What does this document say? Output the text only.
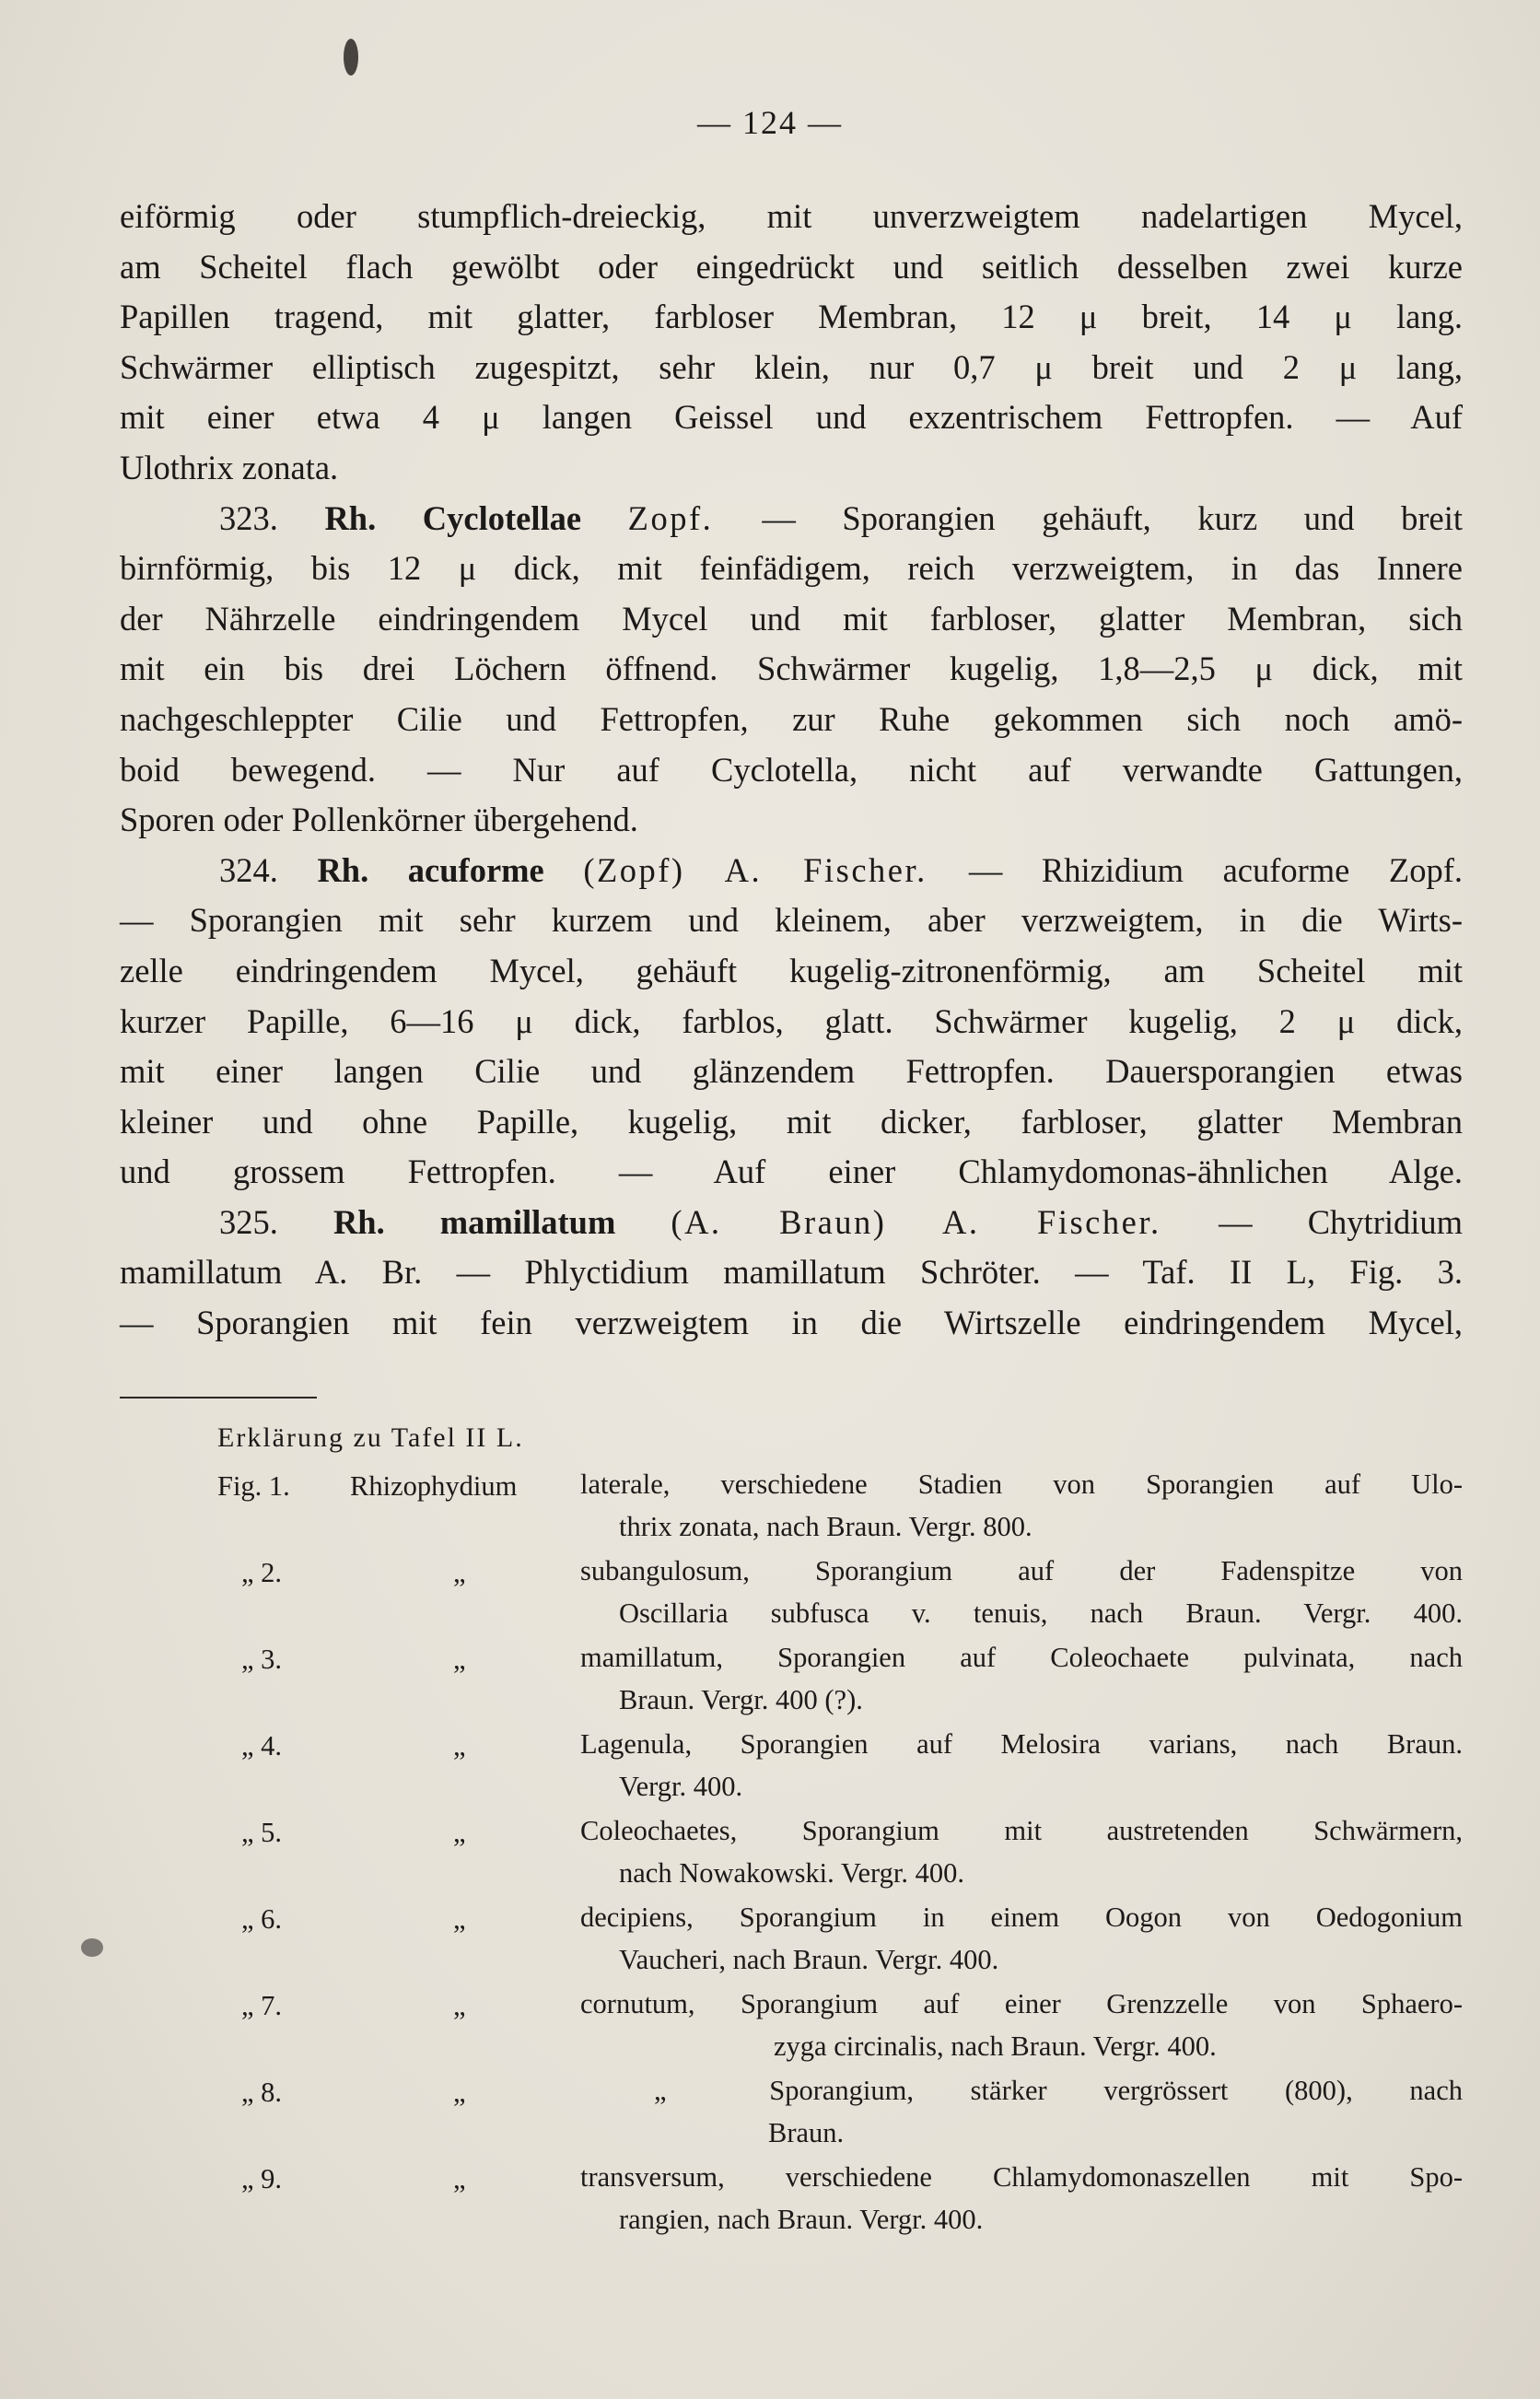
— 124 —
eiförmig oder stumpflich-dreieckig, mit unverzweigtem nadelartigen Mycel,
am Scheitel flach gewölbt oder eingedrückt und seitlich desselben zwei kurze
Papillen tragend, mit glatter, farbloser Membran, 12 μ breit, 14 μ lang.
Schwärmer elliptisch zugespitzt, sehr klein, nur 0,7 μ breit und 2 μ lang,
mit einer etwa 4 μ langen Geissel und exzentrischem Fettropfen. — Auf
Ulothrix zonata.
323. Rh. Cyclotellae Zopf. — Sporangien gehäuft, kurz und breit
birnförmig, bis 12 μ dick, mit feinfädigem, reich verzweigtem, in das Innere
der Nährzelle eindringendem Mycel und mit farbloser, glatter Membran, sich
mit ein bis drei Löchern öffnend. Schwärmer kugelig, 1,8—2,5 μ dick, mit
nachgeschleppter Cilie und Fettropfen, zur Ruhe gekommen sich noch amö-
boid bewegend. — Nur auf Cyclotella, nicht auf verwandte Gattungen,
Sporen oder Pollenkörner übergehend.
324. Rh. acuforme (Zopf) A. Fischer. — Rhizidium acuforme Zopf.
— Sporangien mit sehr kurzem und kleinem, aber verzweigtem, in die Wirts-
zelle eindringendem Mycel, gehäuft kugelig-zitronenförmig, am Scheitel mit
kurzer Papille, 6—16 μ dick, farblos, glatt. Schwärmer kugelig, 2 μ dick,
mit einer langen Cilie und glänzendem Fettropfen. Dauersporangien etwas
kleiner und ohne Papille, kugelig, mit dicker, farbloser, glatter Membran
und grossem Fettropfen. — Auf einer Chlamydomonas-ähnlichen Alge.
325. Rh. mamillatum (A. Braun) A. Fischer. — Chytridium
mamillatum A. Br. — Phlyctidium mamillatum Schröter. — Taf. II L, Fig. 3.
— Sporangien mit fein verzweigtem in die Wirtszelle eindringendem Mycel,
Erklärung zu Tafel II L.
Fig. 1. Rhizophydium laterale, verschiedene Stadien von Sporangien auf Ulo-
thrix zonata, nach Braun. Vergr. 800.
„ 2.	„	subangulosum, Sporangium auf der Fadenspitze von
Oscillaria subfusca v. tenuis, nach Braun. Vergr. 400.
„ 3.	„	mamillatum, Sporangien auf Coleochaete pulvinata, nach
Braun. Vergr. 400 (?).
„ 4.	„	Lagenula, Sporangien auf Melosira varians, nach Braun.
Vergr. 400.
„ 5.	„	Coleochaetes, Sporangium mit austretenden Schwärmern,
nach Nowakowski. Vergr. 400.
„ 6.	„	decipiens, Sporangium in einem Oogon von Oedogonium
Vaucheri, nach Braun. Vergr. 400.
„ 7.	„	cornutum, Sporangium auf einer Grenzzelle von Sphaero-
zyga circinalis, nach Braun. Vergr. 400.
„ 8.	„	„ Sporangium, stärker vergrössert (800), nach
Braun.
„ 9.	„	transversum, verschiedene Chlamydomonaszellen mit Spo-
rangien, nach Braun. Vergr. 400.
